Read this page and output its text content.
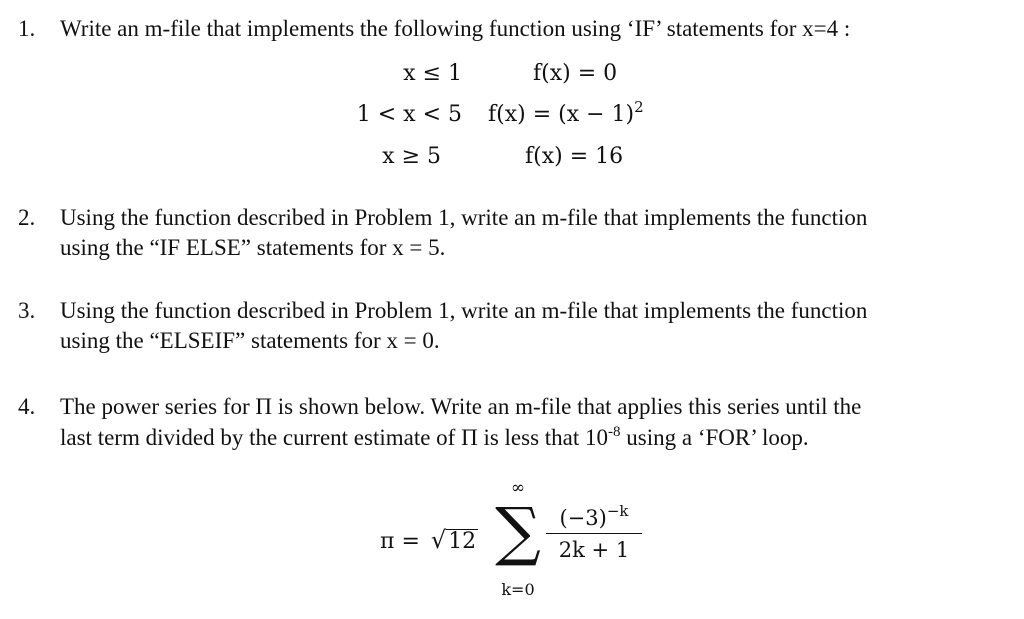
1. Write an m-file that implements the following function using ‘IF’ statements for x=4 :
x ≤ 1	f(x) = 0
1 < x < 5 $f(x) = (x - 1)^2$
x ≥ 5	f(x) = 16
2. Using the function described in Problem 1, write an m-file that implements the function
using the “IF ELSE” statements for x = 5.
3. Using the function described in Problem 1, write an m-file that implements the function
using the “ELSEIF” statements for x = 0.
4. The power series for Π is shown below. Write an m-file that applies this series until the
last term divided by the current estimate of Π is less that $10^{-8}$ using a ‘FOR’ loop.
π = √12
∞
∑
k=0
$\frac{(-3)^{-k}}{2k + 1}$
